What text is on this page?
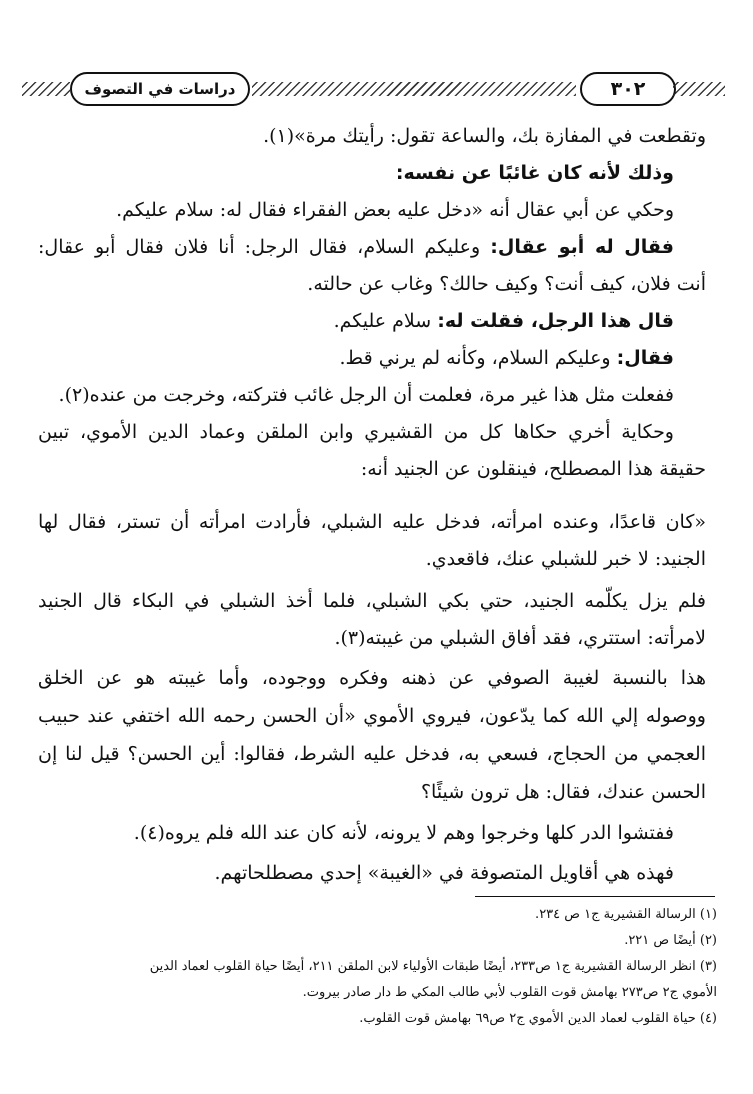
دراسات في التصوف	٣٠٢
وتقطعت في المفازة بك، والساعة تقول: رأيتك مرة»(١).
وذلك لأنه كان غائبًا عن نفسه:
وحكي عن أبي عقال أنه «دخل عليه بعض الفقراء فقال له: سلام عليكم.
فقال له أبو عقال: وعليكم السلام، فقال الرجل: أنا فلان فقال أبو عقال:
أنت فلان، كيف أنت؟ وكيف حالك؟ وغاب عن حالته.
قال هذا الرجل، فقلت له: سلام عليكم.
فقال: وعليكم السلام، وكأنه لم يرني قط.
ففعلت مثل هذا غير مرة، فعلمت أن الرجل غائب فتركته، وخرجت من عنده(٢).
وحكاية أخري حكاها كل من القشيري وابن الملقن وعماد الدين الأموي، تبين
حقيقة هذا المصطلح، فينقلون عن الجنيد أنه:
«كان قاعدًا، وعنده امرأته، فدخل عليه الشبلي، فأرادت امرأته أن تستر، فقال لها
الجنيد: لا خبر للشبلي عنك، فاقعدي.
فلم يزل يكلّمه الجنيد، حتي بكي الشبلي، فلما أخذ الشبلي في البكاء قال الجنيد
لامرأته: استتري، فقد أفاق الشبلي من غيبته(٣).
هذا بالنسبة لغيبة الصوفي عن ذهنه وفكره ووجوده، وأما غيبته هو عن الخلق
ووصوله إلي الله كما يدّعون، فيروي الأموي «أن الحسن رحمه الله اختفي عند حبيب
العجمي من الحجاج، فسعي به، فدخل عليه الشرط، فقالوا: أين الحسن؟ قيل لنا إن
الحسن عندك، فقال: هل ترون شيئًا؟
ففتشوا الدر كلها وخرجوا وهم لا يرونه، لأنه كان عند الله فلم يروه(٤).
فهذه هي أقاويل المتصوفة في «الغيبة» إحدي مصطلحاتهم.
(١) الرسالة القشيرية ج١ ص ٢٣٤.
(٢) أيضًا ص ٢٢١.
(٣) انظر الرسالة القشيرية ج١ ص٢٣٣، أيضًا طبقات الأولياء لابن الملقن ٢١١، أيضًا حياة القلوب لعماد الدين
الأموي ج٢ ص٢٧٣ بهامش قوت القلوب لأبي طالب المكي ط دار صادر بيروت.
(٤) حياة القلوب لعماد الدين الأموي ج٢ ص٦٩ بهامش قوت القلوب.
